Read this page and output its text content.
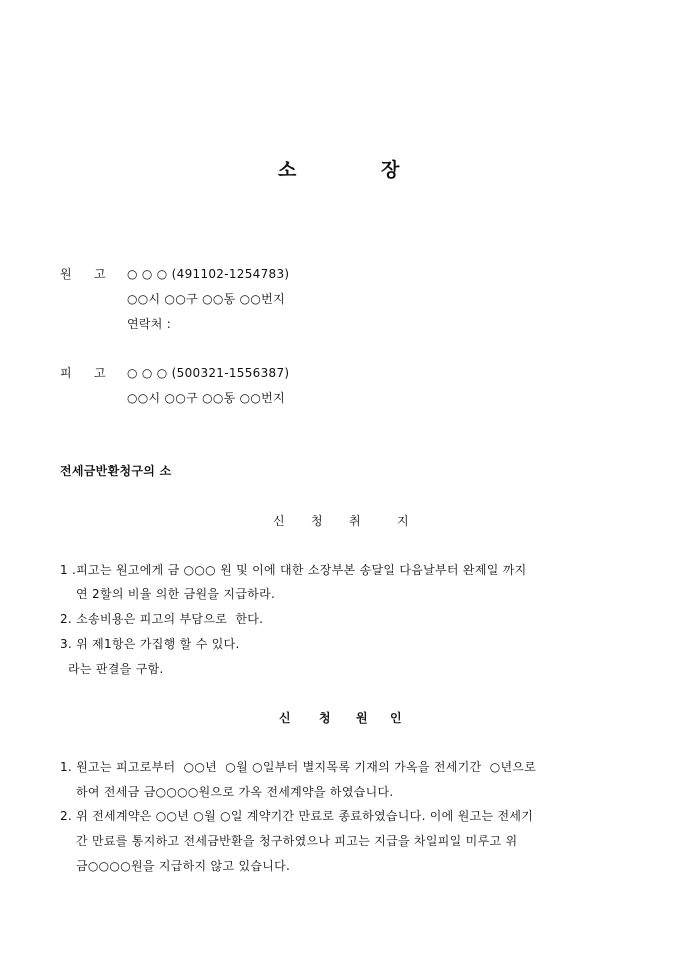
소	장
원 고 ○ ○ ○ (491102-1254783)
○○시 ○○구 ○○동 ○○번지
연락처 :
피 고 ○ ○ ○ (500321-1556387)
○○시 ○○구 ○○동 ○○번지
전세금반환청구의 소
신 청 취	지
1 .피고는 원고에게 금 ○○○ 원 및 이에 대한 소장부본 송달일 다음날부터 완제일 까지
연 2할의 비율 의한 금원을 지급하라.
2. 소송비용은 피고의 부담으로  한다.
3. 위 제1항은 가집행 할 수 있다.
라는 판결을 구함.
신 청 원 인
1. 원고는 피고로부터  ○○년  ○월 ○일부터 별지목록 기재의 가옥을 전세기간  ○년으로
하여 전세금 금○○○○원으로 가옥 전세계약을 하였습니다.
2. 위 전세계약은 ○○년 ○월 ○일 계약기간 만료로 종료하였습니다. 이에 원고는 전세기
간 만료를 통지하고 전세금반환을 청구하였으나 피고는 지급을 차일피일 미루고 위
금○○○○원을 지급하지 않고 있습니다.
